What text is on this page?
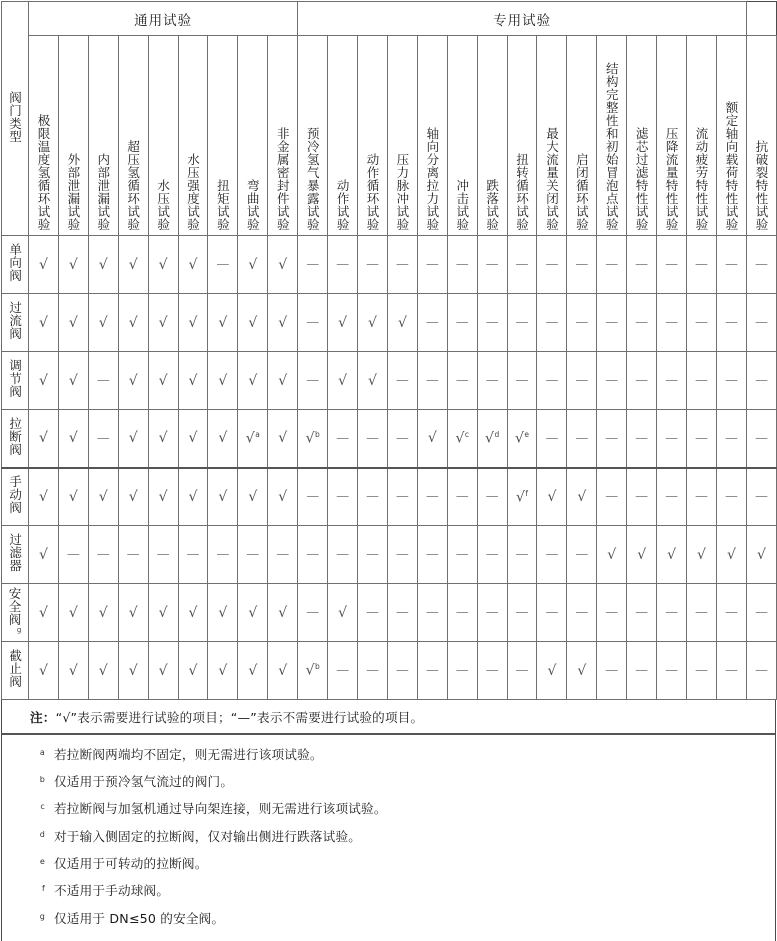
阀门类型	通用试验									专用试验															
	极限温度氢循环试验	外部泄漏试验	内部泄漏试验	超压氢循环试验	水压试验	水压强度试验	扭矩试验	弯曲试验	非金属密封件试验	预冷氢气暴露试验	动作试验	动作循环试验	压力脉冲试验	轴向分离拉力试验	冲击试验	跌落试验	扭转循环试验	最大流量关闭试验	启闭循环试验	结构完整性和初始冒泡点试验	滤芯过滤特性试验	压降流量特性试验	流动疲劳特性试验	额定轴向载荷特性试验	抗破裂特性试验
单向阀	√	√	√	√	√	√	—	√	√	—	—	—	—	—	—	—	—	—	—	—	—	—	—	—	—
过流阀	√	√	√	√	√	√	√	√	√	—	√	√	√	—	—	—	—	—	—	—	—	—	—	—	—
调节阀	√	√	—	√	√	√	√	√	√	—	√	√	—	—	—	—	—	—	—	—	—	—	—	—	—
拉断阀	√	√	—	√	√	√	√	√$^a$	√	√$^b$	—	—	—	√	√$^c$	√$^d$	√$^e$	—	—	—	—	—	—	—	—
手动阀	√	√	√	√	√	√	√	√	√	—	—	—	—	—	—	—	√$^f$	√	√	—	—	—	—	—	—
过滤器	√	—	—	—	—	—	—	—	—	—	—	—	—	—	—	—	—	—	—	√	√	√	√	√	√
安全阀$^g$	√	√	√	√	√	√	√	√	√	—	√	—	—	—	—	—	—	—	—	—	—	—	—	—	—
截止阀	√	√	√	√	√	√	√	√	√	√$^b$	—	—	—	—	—	—	—	√	√	—	—	—	—	—	—
注：“√”表示需要进行试验的项目；“—”表示不需要进行试验的项目。
a 若拉断阀两端均不固定，则无需进行该项试验。
b 仅适用于预冷氢气流过的阀门。
c 若拉断阀与加氢机通过导向架连接，则无需进行该项试验。
d 对于输入侧固定的拉断阀，仅对输出侧进行跌落试验。
e 仅适用于可转动的拉断阀。
f 不适用于手动球阀。
g 仅适用于 DN≤50 的安全阀。
